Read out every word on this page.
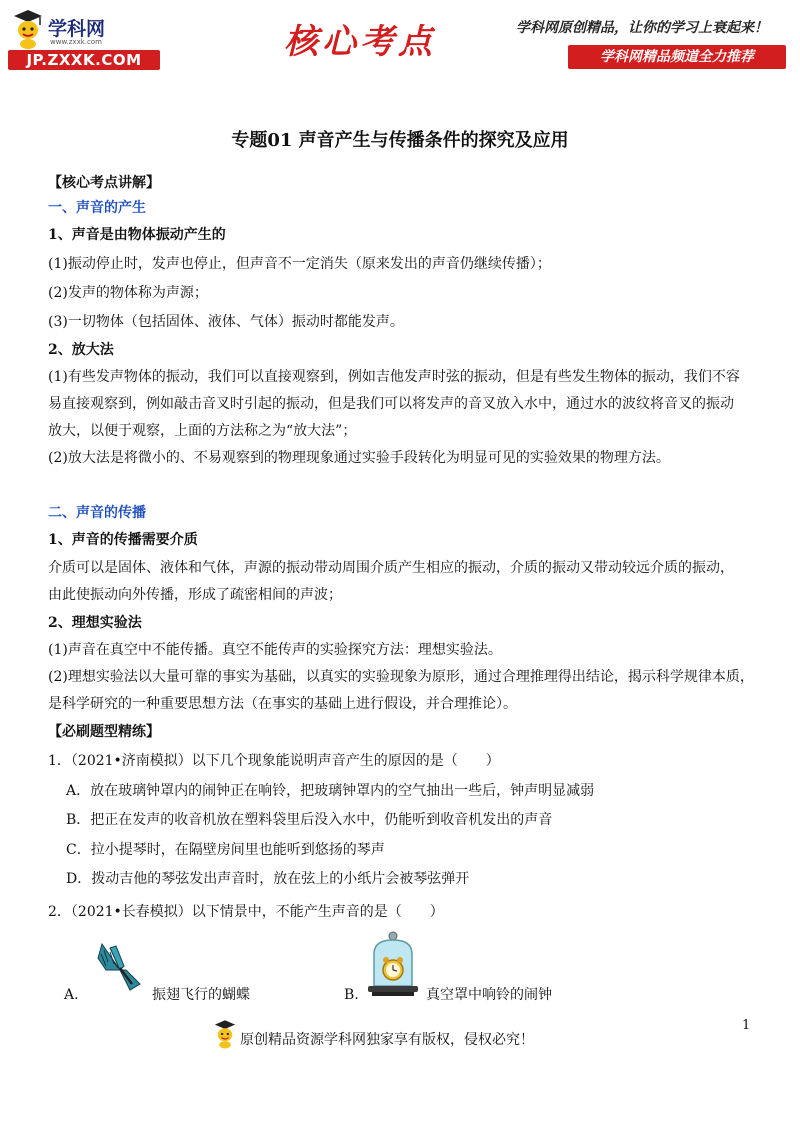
学科网
www.zxxk.com
JP.ZXXK.COM	核心考点	学科网原创精品，让你的学习上衰起来！
学科网精品频道全力推荐
专题01 声音产生与传播条件的探究及应用
【核心考点讲解】
一、声音的产生
1、声音是由物体振动产生的
(1)振动停止时，发声也停止，但声音不一定消失（原来发出的声音仍继续传播）；
(2)发声的物体称为声源；
(3)一切物体（包括固体、液体、气体）振动时都能发声。
2、放大法
(1)有些发声物体的振动，我们可以直接观察到，例如吉他发声时弦的振动，但是有些发生物体的振动，我们不容
易直接观察到，例如敲击音叉时引起的振动，但是我们可以将发声的音叉放入水中，通过水的波纹将音叉的振动
放大，以便于观察，上面的方法称之为“放大法”；
(2)放大法是将微小的、不易观察到的物理现象通过实验手段转化为明显可见的实验效果的物理方法。
二、声音的传播
1、声音的传播需要介质
介质可以是固体、液体和气体，声源的振动带动周围介质产生相应的振动，介质的振动又带动较远介质的振动，
由此使振动向外传播，形成了疏密相间的声波；
2、理想实验法
(1)声音在真空中不能传播。真空不能传声的实验探究方法：理想实验法。
(2)理想实验法以大量可靠的事实为基础，以真实的实验现象为原形，通过合理推理得出结论，揭示科学规律本质，
是科学研究的一种重要思想方法（在事实的基础上进行假设，并合理推论）。
【必刷题型精练】
1．（2021•济南模拟）以下几个现象能说明声音产生的原因的是（　　）
A．放在玻璃钟罩内的闹钟正在响铃，把玻璃钟罩内的空气抽出一些后，钟声明显减弱
B．把正在发声的收音机放在塑料袋里后没入水中，仍能听到收音机发出的声音
C．拉小提琴时，在隔壁房间里也能听到悠扬的琴声
D．拨动吉他的琴弦发出声音时，放在弦上的小纸片会被琴弦弹开
2．（2021•长春模拟）以下情景中，不能产生声音的是（　　）
A.	振翅飞行的蝴蝶	B.	真空罩中响铃的闹钟
1
原创精品资源学科网独家享有版权，侵权必究！
